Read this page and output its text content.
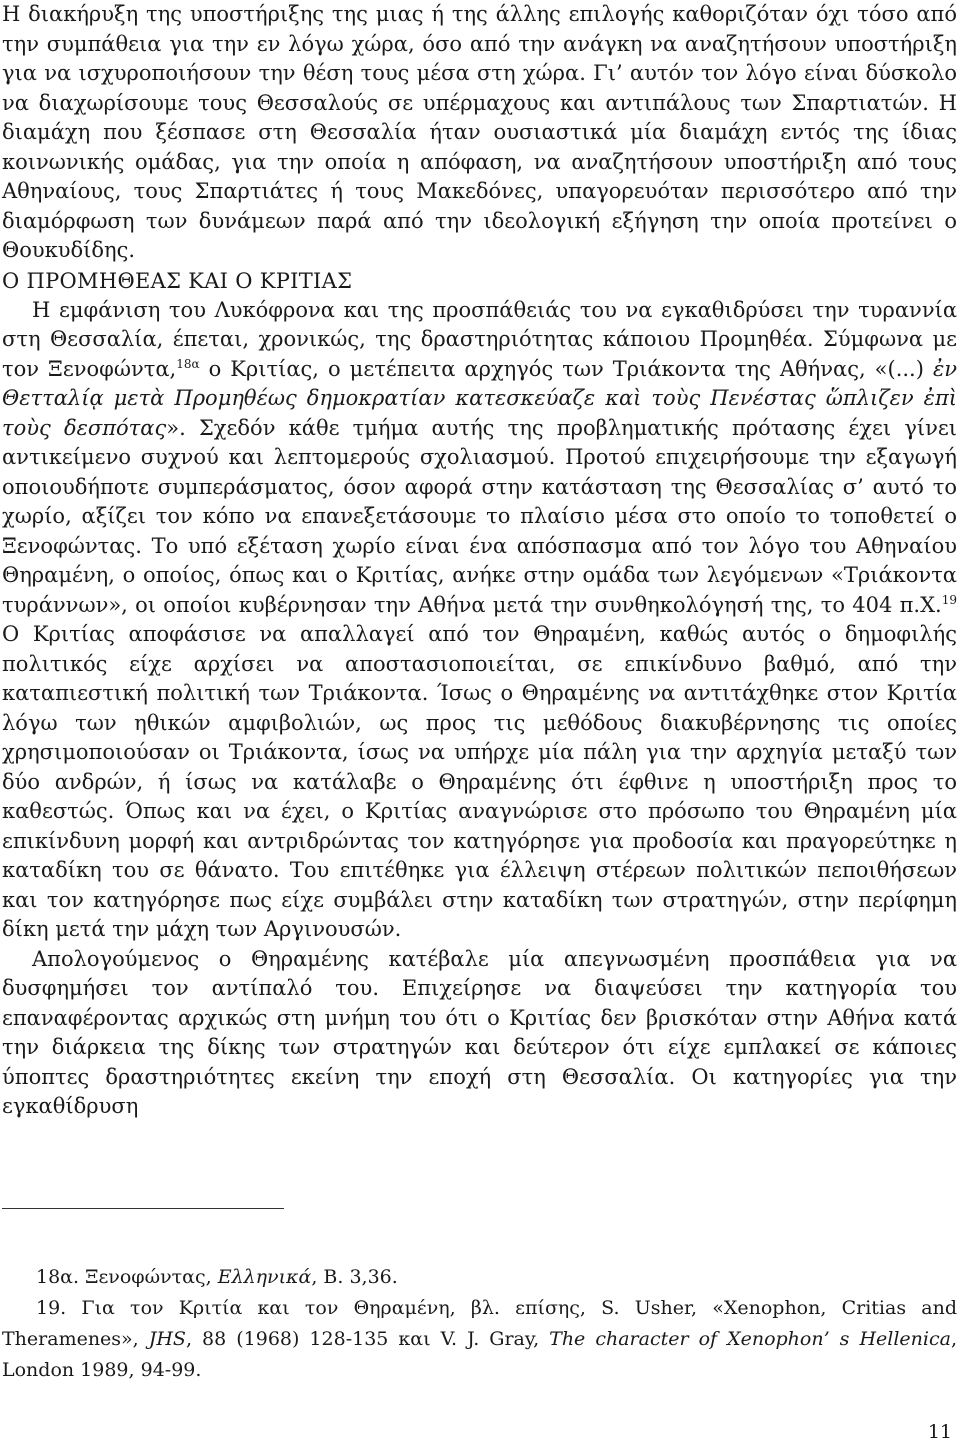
Η διακήρυξη της υποστήριξης της μιας ή της άλλης επιλογής καθοριζόταν όχι τόσο από την συμπάθεια για την εν λόγω χώρα, όσο από την ανάγκη να αναζητήσουν υποστήριξη για να ισχυροποιήσουν την θέση τους μέσα στη χώρα. Γι’ αυτόν τον λόγο είναι δύσκολο να διαχωρίσουμε τους Θεσσαλούς σε υπέρμαχους και αντιπάλους των Σπαρτιατών. Η διαμάχη που ξέσπασε στη Θεσσαλία ήταν ουσιαστικά μία διαμάχη εντός της ίδιας κοινωνικής ομάδας, για την οποία η απόφαση, να αναζητήσουν υποστήριξη από τους Αθηναίους, τους Σπαρτιάτες ή τους Μακεδόνες, υπαγορευόταν περισσότερο από την διαμόρφωση των δυνάμεων παρά από την ιδεολογική εξήγηση την οποία προτείνει ο Θουκυδίδης.

Ο ΠΡΟΜΗΘΕΑΣ ΚΑΙ Ο ΚΡΙΤΙΑΣ

Η εμφάνιση του Λυκόφρονα και της προσπάθειάς του να εγκαθιδρύσει την τυραννία στη Θεσσαλία, έπεται, χρονικώς, της δραστηριότητας κάποιου Προμηθέα. Σύμφωνα με τον Ξενοφώντα,$^{18\alpha}$ ο Κριτίας, ο μετέπειτα αρχηγός των Τριάκοντα της Αθήνας, «(...) ἐν Θετταλίᾳ μετὰ Προμηθέως δημοκρατίαν κατεσκεύαζε καὶ τοὺς Πενέστας ὥπλιζεν ἐπὶ τοὺς δεσπότας». Σχεδόν κάθε τμήμα αυτής της προβληματικής πρότασης έχει γίνει αντικείμενο συχνού και λεπτομερούς σχολιασμού. Προτού επιχειρήσουμε την εξαγωγή οποιουδήποτε συμπεράσματος, όσον αφορά στην κατάσταση της Θεσσαλίας σ’ αυτό το χωρίο, αξίζει τον κόπο να επανεξετάσουμε το πλαίσιο μέσα στο οποίο το τοποθετεί ο Ξενοφώντας. Το υπό εξέταση χωρίο είναι ένα απόσπασμα από τον λόγο του Αθηναίου Θηραμένη, ο οποίος, όπως και ο Κριτίας, ανήκε στην ομάδα των λεγόμενων «Τριάκοντα τυράννων», οι οποίοι κυβέρνησαν την Αθήνα μετά την συνθηκολόγησή της, το 404 π.Χ.$^{19}$ Ο Κριτίας αποφάσισε να απαλλαγεί από τον Θηραμένη, καθώς αυτός ο δημοφιλής πολιτικός είχε αρχίσει να αποστασιοποιείται, σε επικίνδυνο βαθμό, από την καταπιεστική πολιτική των Τριάκοντα. Ίσως ο Θηραμένης να αντιτάχθηκε στον Κριτία λόγω των ηθικών αμφιβολιών, ως προς τις μεθόδους διακυβέρνησης τις οποίες χρησιμοποιούσαν οι Τριάκοντα, ίσως να υπήρχε μία πάλη για την αρχηγία μεταξύ των δύο ανδρών, ή ίσως να κατάλαβε ο Θηραμένης ότι έφθινε η υποστήριξη προς το καθεστώς. Όπως και να έχει, ο Κριτίας αναγνώρισε στο πρόσωπο του Θηραμένη μία επικίνδυνη μορφή και αντριδρώντας τον κατηγόρησε για προδοσία και πραγορεύτηκε η καταδίκη του σε θάνατο. Του επιτέθηκε για έλλειψη στέρεων πολιτικών πεποιθήσεων και τον κατηγόρησε πως είχε συμβάλει στην καταδίκη των στρατηγών, στην περίφημη δίκη μετά την μάχη των Αργινουσών.

Απολογούμενος ο Θηραμένης κατέβαλε μία απεγνωσμένη προσπάθεια για να δυσφημήσει τον αντίπαλό του. Επιχείρησε να διαψεύσει την κατηγορία του επαναφέροντας αρχικώς στη μνήμη του ότι ο Κριτίας δεν βρισκόταν στην Αθήνα κατά την διάρκεια της δίκης των στρατηγών και δεύτερον ότι είχε εμπλακεί σε κάποιες ύποπτες δραστηριότητες εκείνη την εποχή στη Θεσσαλία. Οι κατηγορίες για την εγκαθίδρυση

18α. Ξενοφώντας, Ελληνικά, Β. 3,36.

19. Για τον Κριτία και τον Θηραμένη, βλ. επίσης, S. Usher, «Xenophon, Critias and Theramenes», JHS, 88 (1968) 128-135 και V. J. Gray, The character of Xenophon’ s Hellenica, London 1989, 94-99.

11
